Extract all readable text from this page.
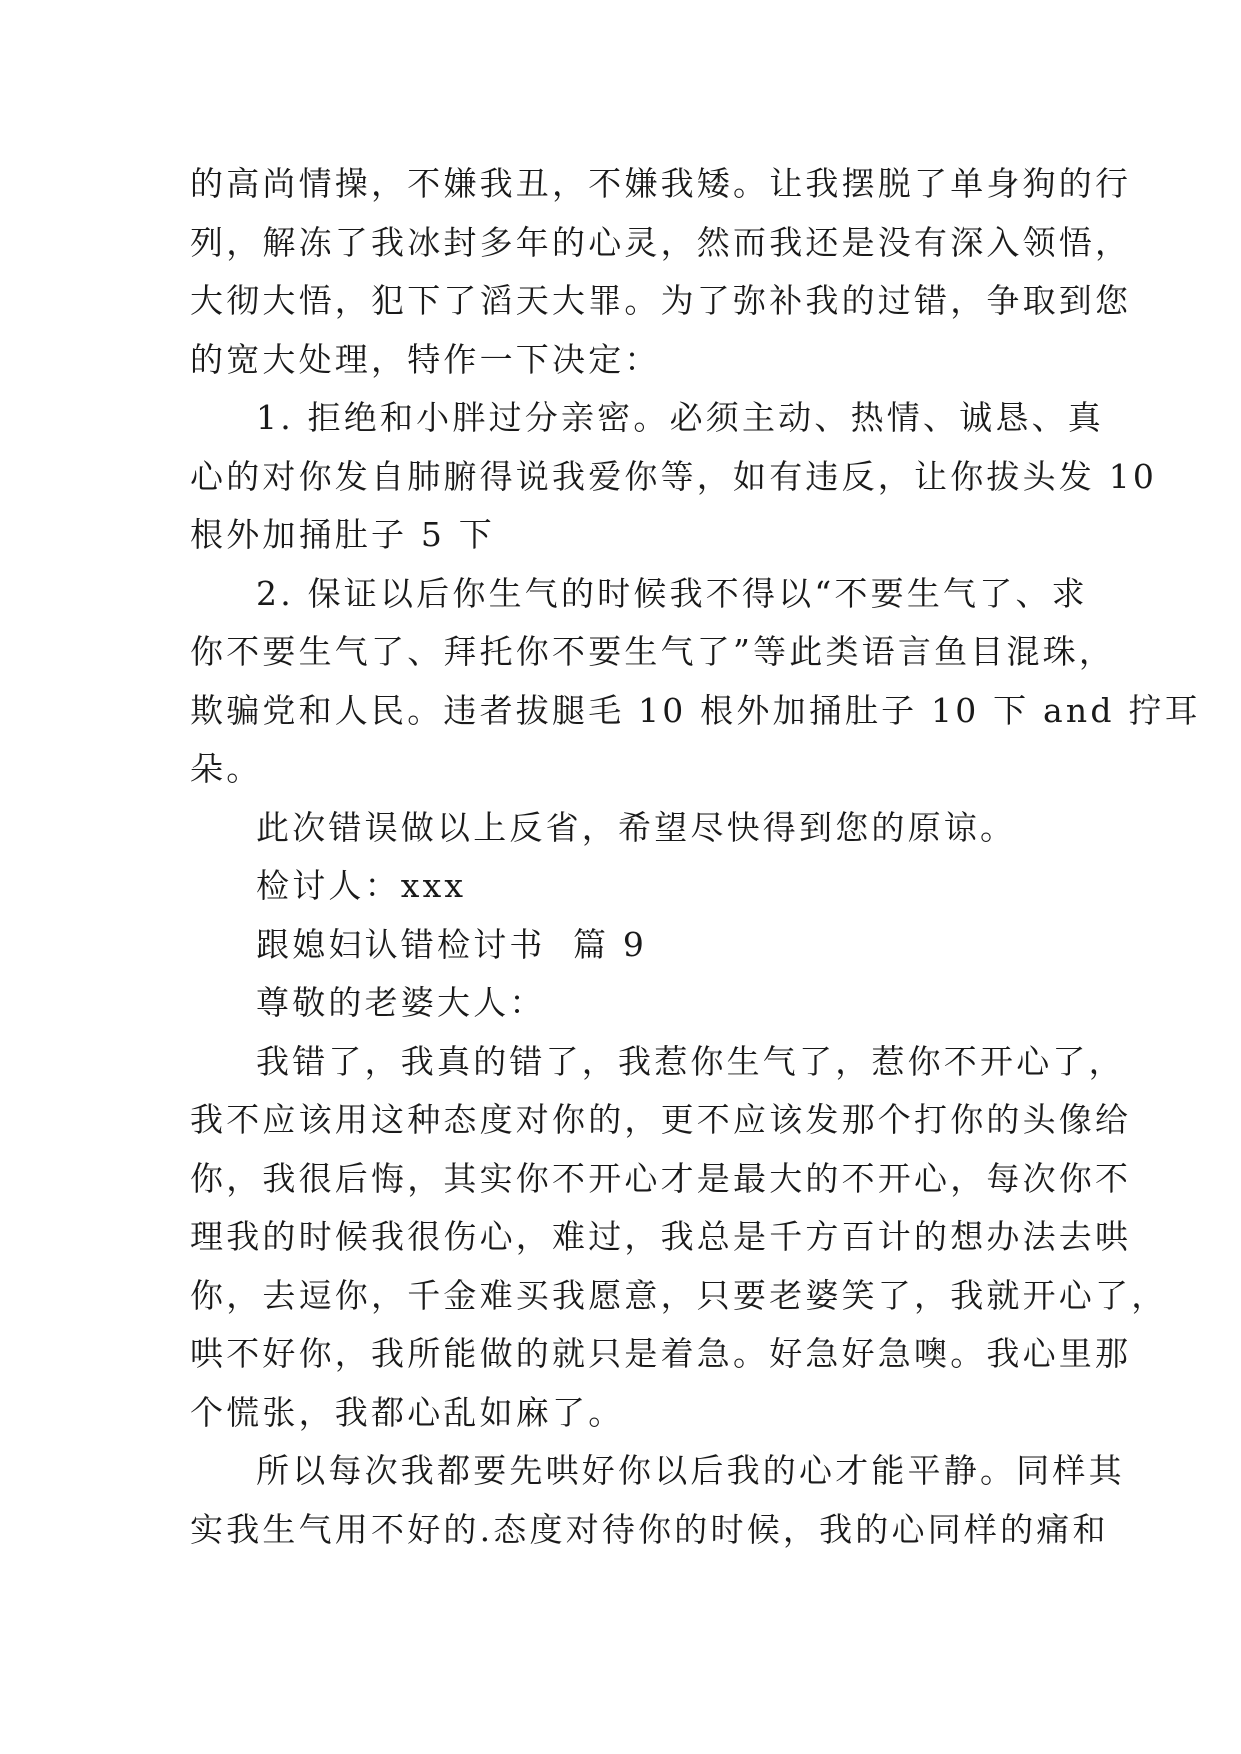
的高尚情操，不嫌我丑，不嫌我矮。让我摆脱了单身狗的行
列，解冻了我冰封多年的心灵，然而我还是没有深入领悟，
大彻大悟，犯下了滔天大罪。为了弥补我的过错，争取到您
的宽大处理，特作一下决定：
1. 拒绝和小胖过分亲密。必须主动、热情、诚恳、真
心的对你发自肺腑得说我爱你等，如有违反，让你拔头发 10
根外加捅肚子 5 下
2. 保证以后你生气的时候我不得以“不要生气了、求
你不要生气了、拜托你不要生气了”等此类语言鱼目混珠，
欺骗党和人民。违者拔腿毛 10 根外加捅肚子 10 下 and 拧耳
朵。
此次错误做以上反省，希望尽快得到您的原谅。
检讨人：xxx
跟媳妇认错检讨书  篇 9
尊敬的老婆大人：
我错了，我真的错了，我惹你生气了，惹你不开心了，
我不应该用这种态度对你的，更不应该发那个打你的头像给
你，我很后悔，其实你不开心才是最大的不开心，每次你不
理我的时候我很伤心，难过，我总是千方百计的想办法去哄
你，去逗你，千金难买我愿意，只要老婆笑了，我就开心了，
哄不好你，我所能做的就只是着急。好急好急噢。我心里那
个慌张，我都心乱如麻了。
所以每次我都要先哄好你以后我的心才能平静。同样其
实我生气用不好的.态度对待你的时候，我的心同样的痛和
